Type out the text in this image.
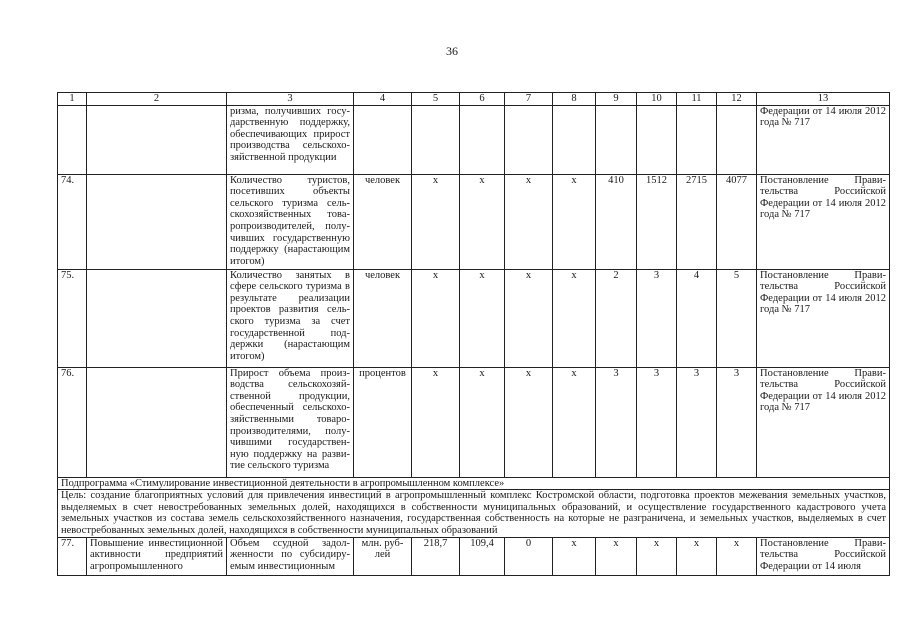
36
1	2	3	4	5	6	7	8	9	10	11	12	13
		ризма, получивших государственную поддержку, обеспечивающих прирост производства сельскохозяйственной продукции										Федерации от 14 июля 2012 года № 717
74.		Количество туристов, посетивших объекты сельского туризма сельскохозяйственных товаропроизводителей, получивших государственную поддержку (нарастающим итогом)	человек	х	х	х	х	410	1512	2715	4077	Постановление Правительства Российской Федерации от 14 июля 2012 года № 717
75.		Количество занятых в сфере сельского туризма в результате реализации проектов развития сельского туризма за счет государственной поддержки (нарастающим итогом)	человек	х	х	х	х	2	3	4	5	Постановление Правительства Российской Федерации от 14 июля 2012 года № 717
76.		Прирост объема производства сельскохозяйственной продукции, обеспеченный сельскохозяйственными товаропроизводителями, получившими государственную поддержку на развитие сельского туризма	процентов	х	х	х	х	3	3	3	3	Постановление Правительства Российской Федерации от 14 июля 2012 года № 717
Подпрограмма «Стимулирование инвестиционной деятельности в агропромышленном комплексе»												
Цель: создание благоприятных условий для привлечения инвестиций в агропромышленный комплекс Костромской области, подготовка проектов межевания земельных участков, выделяемых в счет невостребованных земельных долей, находящихся в собственности муниципальных образований, и осуществление государственного кадастрового учета земельных участков из состава земель сельскохозяйственного назначения, государственная собственность на которые не разграничена, и земельных участков, выделяемых в счет невостребованных земельных долей, находящихся в собственности муниципальных образований												
77.	Повышение инвестиционной активности предприятий агропромышленного	Объем ссудной задолженности по субсидируемым инвестиционным	млн. рублей	218,7	109,4	0	х	х	х	х	х	Постановление Правительства Российской Федерации от 14 июля
